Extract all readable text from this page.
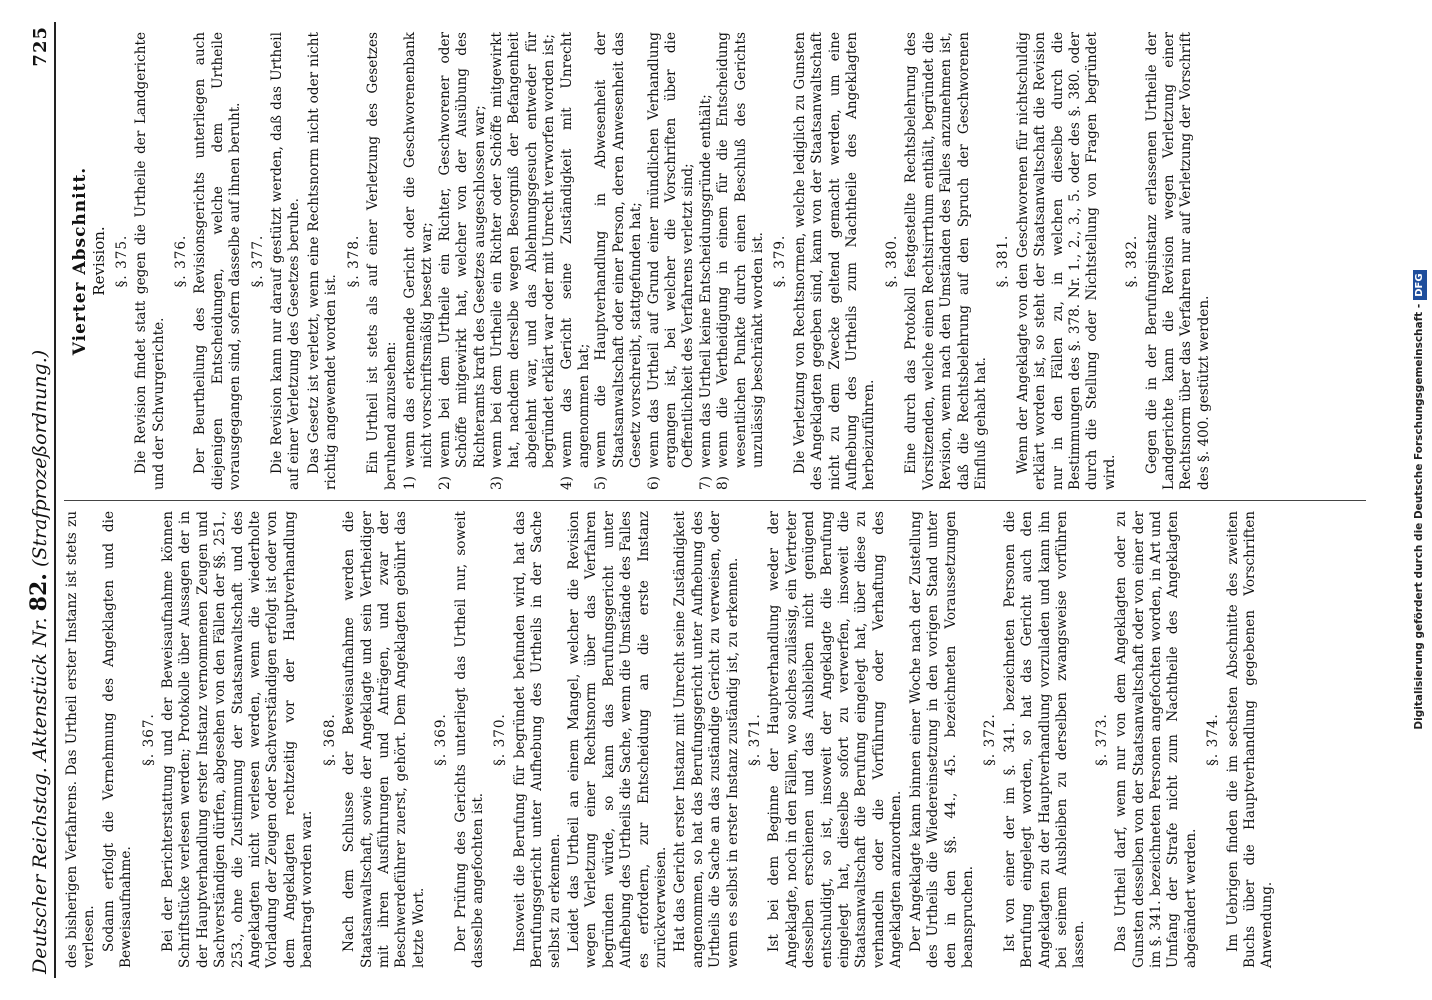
Deutscher Reichstag. Aktenstück Nr. 82. (Strafprozeßordnung.)
725

des bisherigen Verfahrens. Das Urtheil erster Instanz ist stets zu verlesen. Sodann erfolgt die Vernehmung des Angeklagten und die Beweisaufnahme.

§. 367. Bei der Berichterstattung und der Beweisaufnahme können Schriftstücke verlesen werden; Protokolle über Aussagen der in der Hauptverhandlung erster Instanz vernommenen Zeugen und Sachverständigen dürfen, abgesehen von den Fällen der §§. 251., 253., ohne die Zustimmung der Staatsanwaltschaft und des Angeklagten nicht verlesen werden, wenn die wiederholte Vorladung der Zeugen oder Sachverständigen erfolgt ist oder von dem Angeklagten rechtzeitig vor der Hauptverhandlung beantragt worden war.

§. 368. Nach dem Schlusse der Beweisaufnahme werden die Staatsanwaltschaft, sowie der Angeklagte und sein Vertheidiger mit ihren Ausführungen und Anträgen, und zwar der Beschwerdeführer zuerst, gehört. Dem Angeklagten gebührt das letzte Wort.

§. 369. Der Prüfung des Gerichts unterliegt das Urtheil nur, soweit dasselbe angefochten ist.

§. 370. Insoweit die Berufung für begründet befunden wird, hat das Berufungsgericht unter Aufhebung des Urtheils in der Sache selbst zu erkennen. Leidet das Urtheil an einem Mangel, welcher die Revision wegen Verletzung einer Rechtsnorm über das Verfahren begründen würde, so kann das Berufungsgericht unter Aufhebung des Urtheils die Sache, wenn die Umstände des Falles es erfordern, zur Entscheidung an die erste Instanz zurückverweisen. Hat das Gericht erster Instanz mit Unrecht seine Zuständigkeit angenommen, so hat das Berufungsgericht unter Aufhebung des Urtheils die Sache an das zuständige Gericht zu verweisen, oder wenn es selbst in erster Instanz zuständig ist, zu erkennen. §. 371. Ist bei dem Beginne der Hauptverhandlung weder der Angeklagte, noch in den Fällen, wo solches zulässig, ein Vertreter desselben erschienen und das Ausbleiben nicht genügend entschuldigt, so ist, insoweit der Angeklagte die Berufung eingelegt hat, dieselbe sofort zu verwerfen, insoweit die Staatsanwaltschaft die Berufung eingelegt hat, über diese zu verhandeln oder die Vorführung oder Verhaftung des Angeklagten anzuordnen. Der Angeklagte kann binnen einer Woche nach der Zustellung des Urtheils die Wiedereinsetzung in den vorigen Stand unter den in den §§. 44., 45. bezeichneten Voraussetzungen beanspruchen.

§. 372. Ist von einer der im §. 341. bezeichneten Personen die Berufung eingelegt worden, so hat das Gericht auch den Angeklagten zu der Hauptverhandlung vorzuladen und kann ihn bei seinem Ausbleiben zu derselben zwangsweise vorführen lassen.

§. 373. Das Urtheil darf, wenn nur von dem Angeklagten oder zu Gunsten desselben von der Staatsanwaltschaft oder von einer der im §. 341. bezeichneten Personen angefochten worden, in Art und Umfang der Strafe nicht zum Nachtheile des Angeklagten abgeändert werden.

§. 374. Im Uebrigen finden die im sechsten Abschnitte des zweiten Buchs über die Hauptverhandlung gegebenen Vorschriften Anwendung.

Vierter Abschnitt. Revision. §. 375. Die Revision findet statt gegen die Urtheile der Landgerichte und der Schwurgerichte.

§. 376. Der Beurtheilung des Revisionsgerichts unterliegen auch diejenigen Entscheidungen, welche dem Urtheile vorausgegangen sind, sofern dasselbe auf ihnen beruht. §. 377. Die Revision kann nur darauf gestützt werden, daß das Urtheil auf einer Verletzung des Gesetzes beruhe. Das Gesetz ist verletzt, wenn eine Rechtsnorm nicht oder nicht richtig angewendet worden ist.

§. 378. Ein Urtheil ist stets als auf einer Verletzung des Gesetzes beruhend anzusehen: 1)
wenn das erkennende Gericht oder die Geschworenenbank nicht vorschriftsmäßig besetzt war;
2)
wenn bei dem Urtheile ein Richter, Geschworener oder Schöffe mitgewirkt hat, welcher von der Ausübung des Richteramts kraft des Gesetzes ausgeschlossen war;
3)
wenn bei dem Urtheile ein Richter oder Schöffe mitgewirkt hat, nachdem derselbe wegen Besorgniß der Befangenheit abgelehnt war, und das Ablehnungsgesuch entweder für begründet erklärt war oder mit Unrecht verworfen worden ist;
4)
wenn das Gericht seine Zuständigkeit mit Unrecht angenommen hat;
5)
wenn die Hauptverhandlung in Abwesenheit der Staatsanwaltschaft oder einer Person, deren Anwesenheit das Gesetz vorschreibt, stattgefunden hat;
6)
wenn das Urtheil auf Grund einer mündlichen Verhandlung ergangen ist, bei welcher die Vorschriften über die Oeffentlichkeit des Verfahrens verletzt sind;
7)
wenn das Urtheil keine Entscheidungsgründe enthält;
8)
wenn die Vertheidigung in einem für die Entscheidung wesentlichen Punkte durch einen Beschluß des Gerichts unzulässig beschränkt worden ist. §. 379. Die Verletzung von Rechtsnormen, welche lediglich zu Gunsten des Angeklagten gegeben sind, kann von der Staatsanwaltschaft nicht zu dem Zwecke geltend gemacht werden, um eine Aufhebung des Urtheils zum Nachtheile des Angeklagten herbeizuführen.

§. 380. Eine durch das Protokoll festgestellte Rechtsbelehrung des Vorsitzenden, welche einen Rechtsirrthum enthält, begründet die Revision, wenn nach den Umständen des Falles anzunehmen ist, daß die Rechtsbelehrung auf den Spruch der Geschworenen Einfluß gehabt hat.

§. 381. Wenn der Angeklagte von den Geschworenen für nichtschuldig erklärt worden ist, so steht der Staatsanwaltschaft die Revision nur in den Fällen zu, in welchen dieselbe durch die Bestimmungen des §. 378. Nr. 1., 2., 3., 5. oder des §. 380. oder durch die Stellung oder Nichtstellung von Fragen begründet wird.

§. 382. Gegen die in der Berufungsinstanz erlassenen Urtheile der Landgerichte kann die Revision wegen Verletzung einer Rechtsnorm über das Verfahren nur auf Verletzung der Vorschrift des §. 400. gestützt werden.	Digitalisierung gefördert durch die Deutsche Forschungsgemeinschaft -DFG
